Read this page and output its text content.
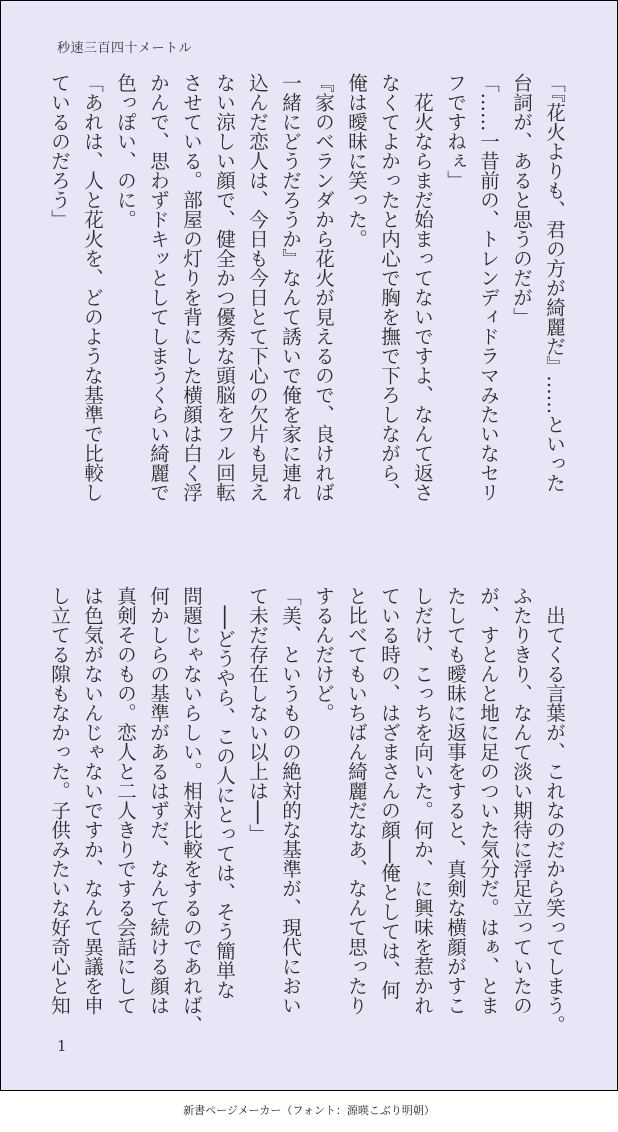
秒速三百四十メートル

「『花火よりも、君の方が綺麗だ』……といった

台詞が、あると思うのだが」

「……一昔前の、トレンディドラマみたいなセリ

フですねぇ」

　花火ならまだ始まってないですよ、なんて返さ

なくてよかったと内心で胸を撫で下ろしながら、

俺は曖昧に笑った。

『家のベランダから花火が見えるので、良ければ

一緒にどうだろうか』なんて誘いで俺を家に連れ

込んだ恋人は、今日も今日とて下心の欠片も見え

ない涼しい顔で、健全かつ優秀な頭脳をフル回転

させている。部屋の灯りを背にした横顔は白く浮

かんで、思わずドキッとしてしまうくらい綺麗で

色っぽい、のに。

「あれは、人と花火を、どのような基準で比較し

ているのだろう」

　出てくる言葉が、これなのだから笑ってしまう。

ふたりきり、なんて淡い期待に浮足立っていたの

が、すとんと地に足のついた気分だ。はぁ、とま

たしても曖昧に返事をすると、真剣な横顔がすこ

しだけ、こっちを向いた。何か、に興味を惹かれ

ている時の、はざまさんの顔──俺としては、何

と比べてもいちばん綺麗だなあ、なんて思ったり

するんだけど。

「美、というものの絶対的な基準が、現代におい

て未だ存在しない以上は──」

　──どうやら、この人にとっては、そう簡単な

問題じゃないらしい。相対比較をするのであれば、

何かしらの基準があるはずだ、なんて続ける顔は

真剣そのもの。恋人と二人きりでする会話にして

は色気がないんじゃないですか、なんて異議を申

し立てる隙もなかった。子供みたいな好奇心と知

1
新書ページメーカー（フォント：源暎こぶり明朝）
